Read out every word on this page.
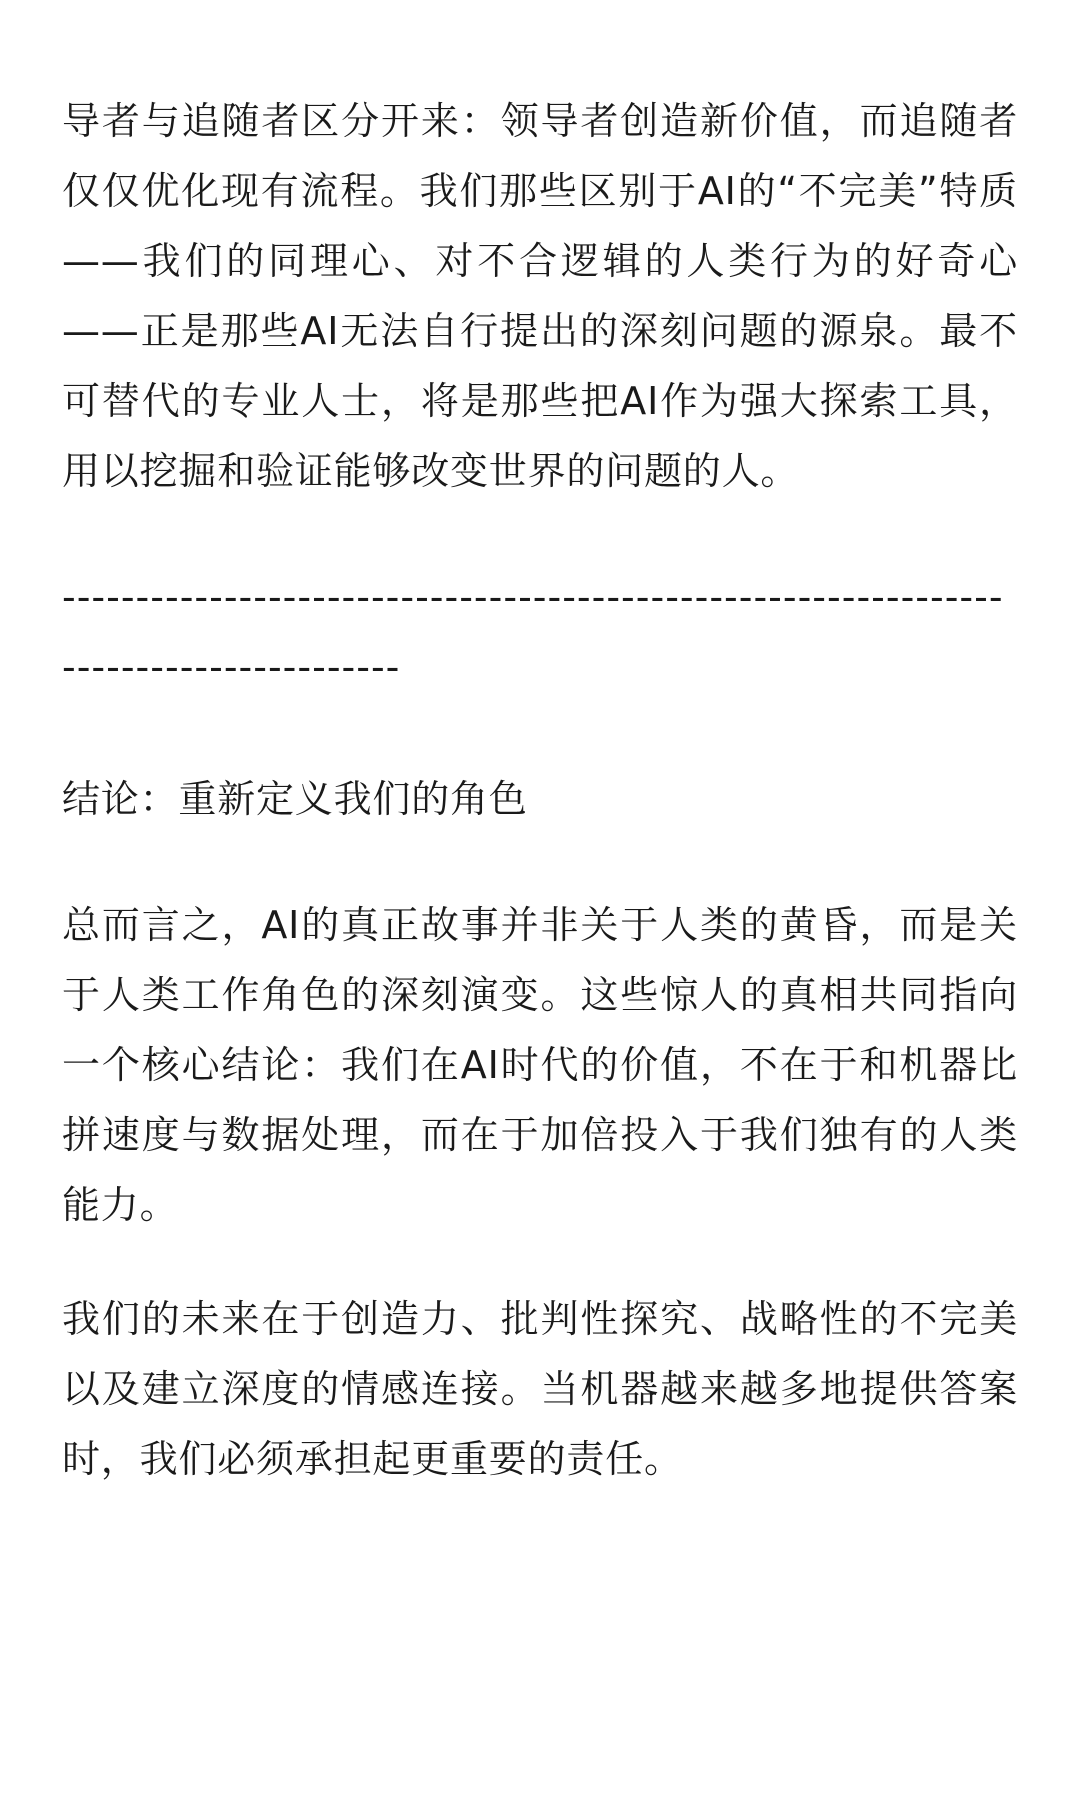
导者与追随者区分开来：领导者创造新价值，而追随者仅仅优化现有流程。我们那些区别于AI的“不完美”特质——我们的同理心、对不合逻辑的人类行为的好奇心——正是那些AI无法自行提出的深刻问题的源泉。最不可替代的专业人士，将是那些把AI作为强大探索工具，用以挖掘和验证能够改变世界的问题的人。

---------------------------------------------------------------------------------------
结论：重新定义我们的角色

总而言之，AI的真正故事并非关于人类的黄昏，而是关于人类工作角色的深刻演变。这些惊人的真相共同指向一个核心结论：我们在AI时代的价值，不在于和机器比拼速度与数据处理，而在于加倍投入于我们独有的人类能力。

我们的未来在于创造力、批判性探究、战略性的不完美以及建立深度的情感连接。当机器越来越多地提供答案时，我们必须承担起更重要的责任。
